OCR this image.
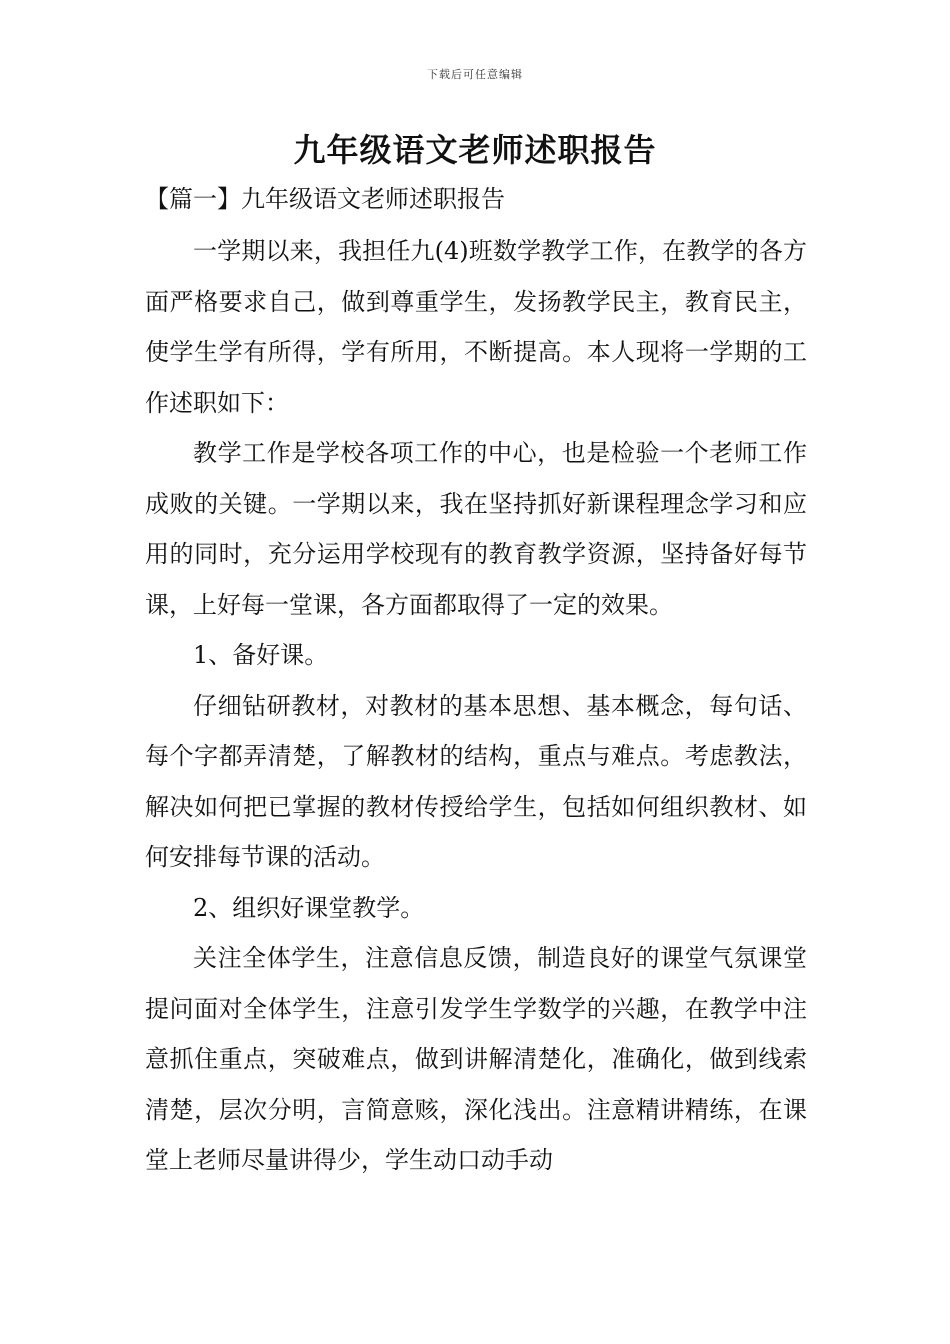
下载后可任意编辑
九年级语文老师述职报告
【篇一】九年级语文老师述职报告

一学期以来，我担任九(4)班数学教学工作，在教学的各方面严格要求自己，做到尊重学生，发扬教学民主，教育民主，使学生学有所得，学有所用，不断提高。本人现将一学期的工作述职如下：

教学工作是学校各项工作的中心，也是检验一个老师工作成败的关键。一学期以来，我在坚持抓好新课程理念学习和应用的同时，充分运用学校现有的教育教学资源，坚持备好每节课，上好每一堂课，各方面都取得了一定的效果。

1、备好课。

仔细钻研教材，对教材的基本思想、基本概念，每句话、每个字都弄清楚，了解教材的结构，重点与难点。考虑教法，解决如何把已掌握的教材传授给学生，包括如何组织教材、如何安排每节课的活动。

2、组织好课堂教学。

关注全体学生，注意信息反馈，制造良好的课堂气氛课堂提问面对全体学生，注意引发学生学数学的兴趣，在教学中注意抓住重点，突破难点，做到讲解清楚化，准确化，做到线索清楚，层次分明，言简意赅，深化浅出。注意精讲精练，在课堂上老师尽量讲得少，学生动口动手动
